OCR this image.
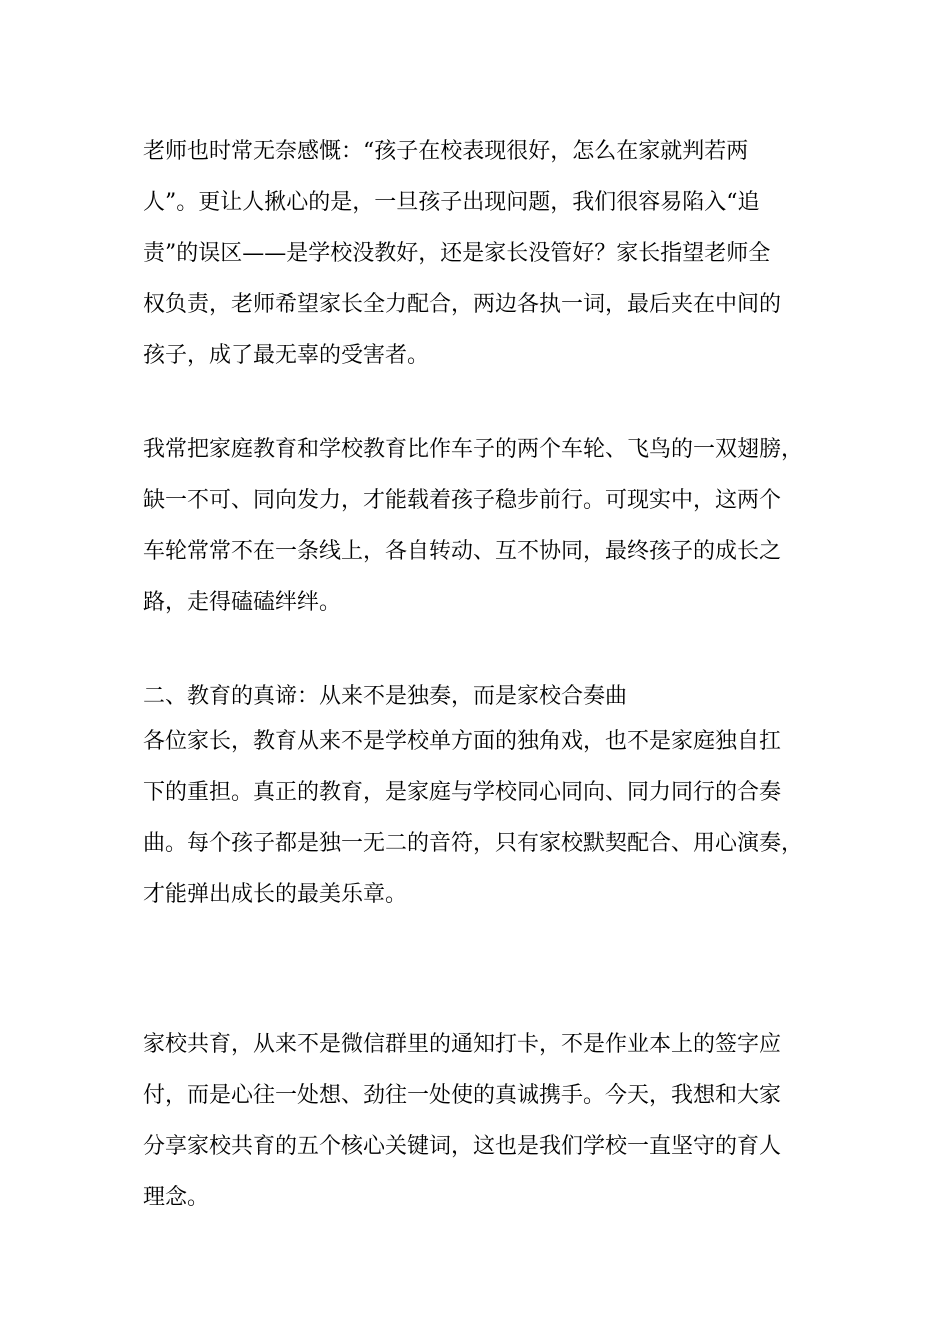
老师也时常无奈感慨：“孩子在校表现很好，怎么在家就判若两
人”。更让人揪心的是，一旦孩子出现问题，我们很容易陷入“追
责”的误区——是学校没教好，还是家长没管好？家长指望老师全
权负责，老师希望家长全力配合，两边各执一词，最后夹在中间的
孩子，成了最无辜的受害者。
我常把家庭教育和学校教育比作车子的两个车轮、飞鸟的一双翅膀，
缺一不可、同向发力，才能载着孩子稳步前行。可现实中，这两个
车轮常常不在一条线上，各自转动、互不协同，最终孩子的成长之
路，走得磕磕绊绊。
二、教育的真谛：从来不是独奏，而是家校合奏曲
各位家长，教育从来不是学校单方面的独角戏，也不是家庭独自扛
下的重担。真正的教育，是家庭与学校同心同向、同力同行的合奏
曲。每个孩子都是独一无二的音符，只有家校默契配合、用心演奏，
才能弹出成长的最美乐章。
家校共育，从来不是微信群里的通知打卡，不是作业本上的签字应
付，而是心往一处想、劲往一处使的真诚携手。今天，我想和大家
分享家校共育的五个核心关键词，这也是我们学校一直坚守的育人
理念。
